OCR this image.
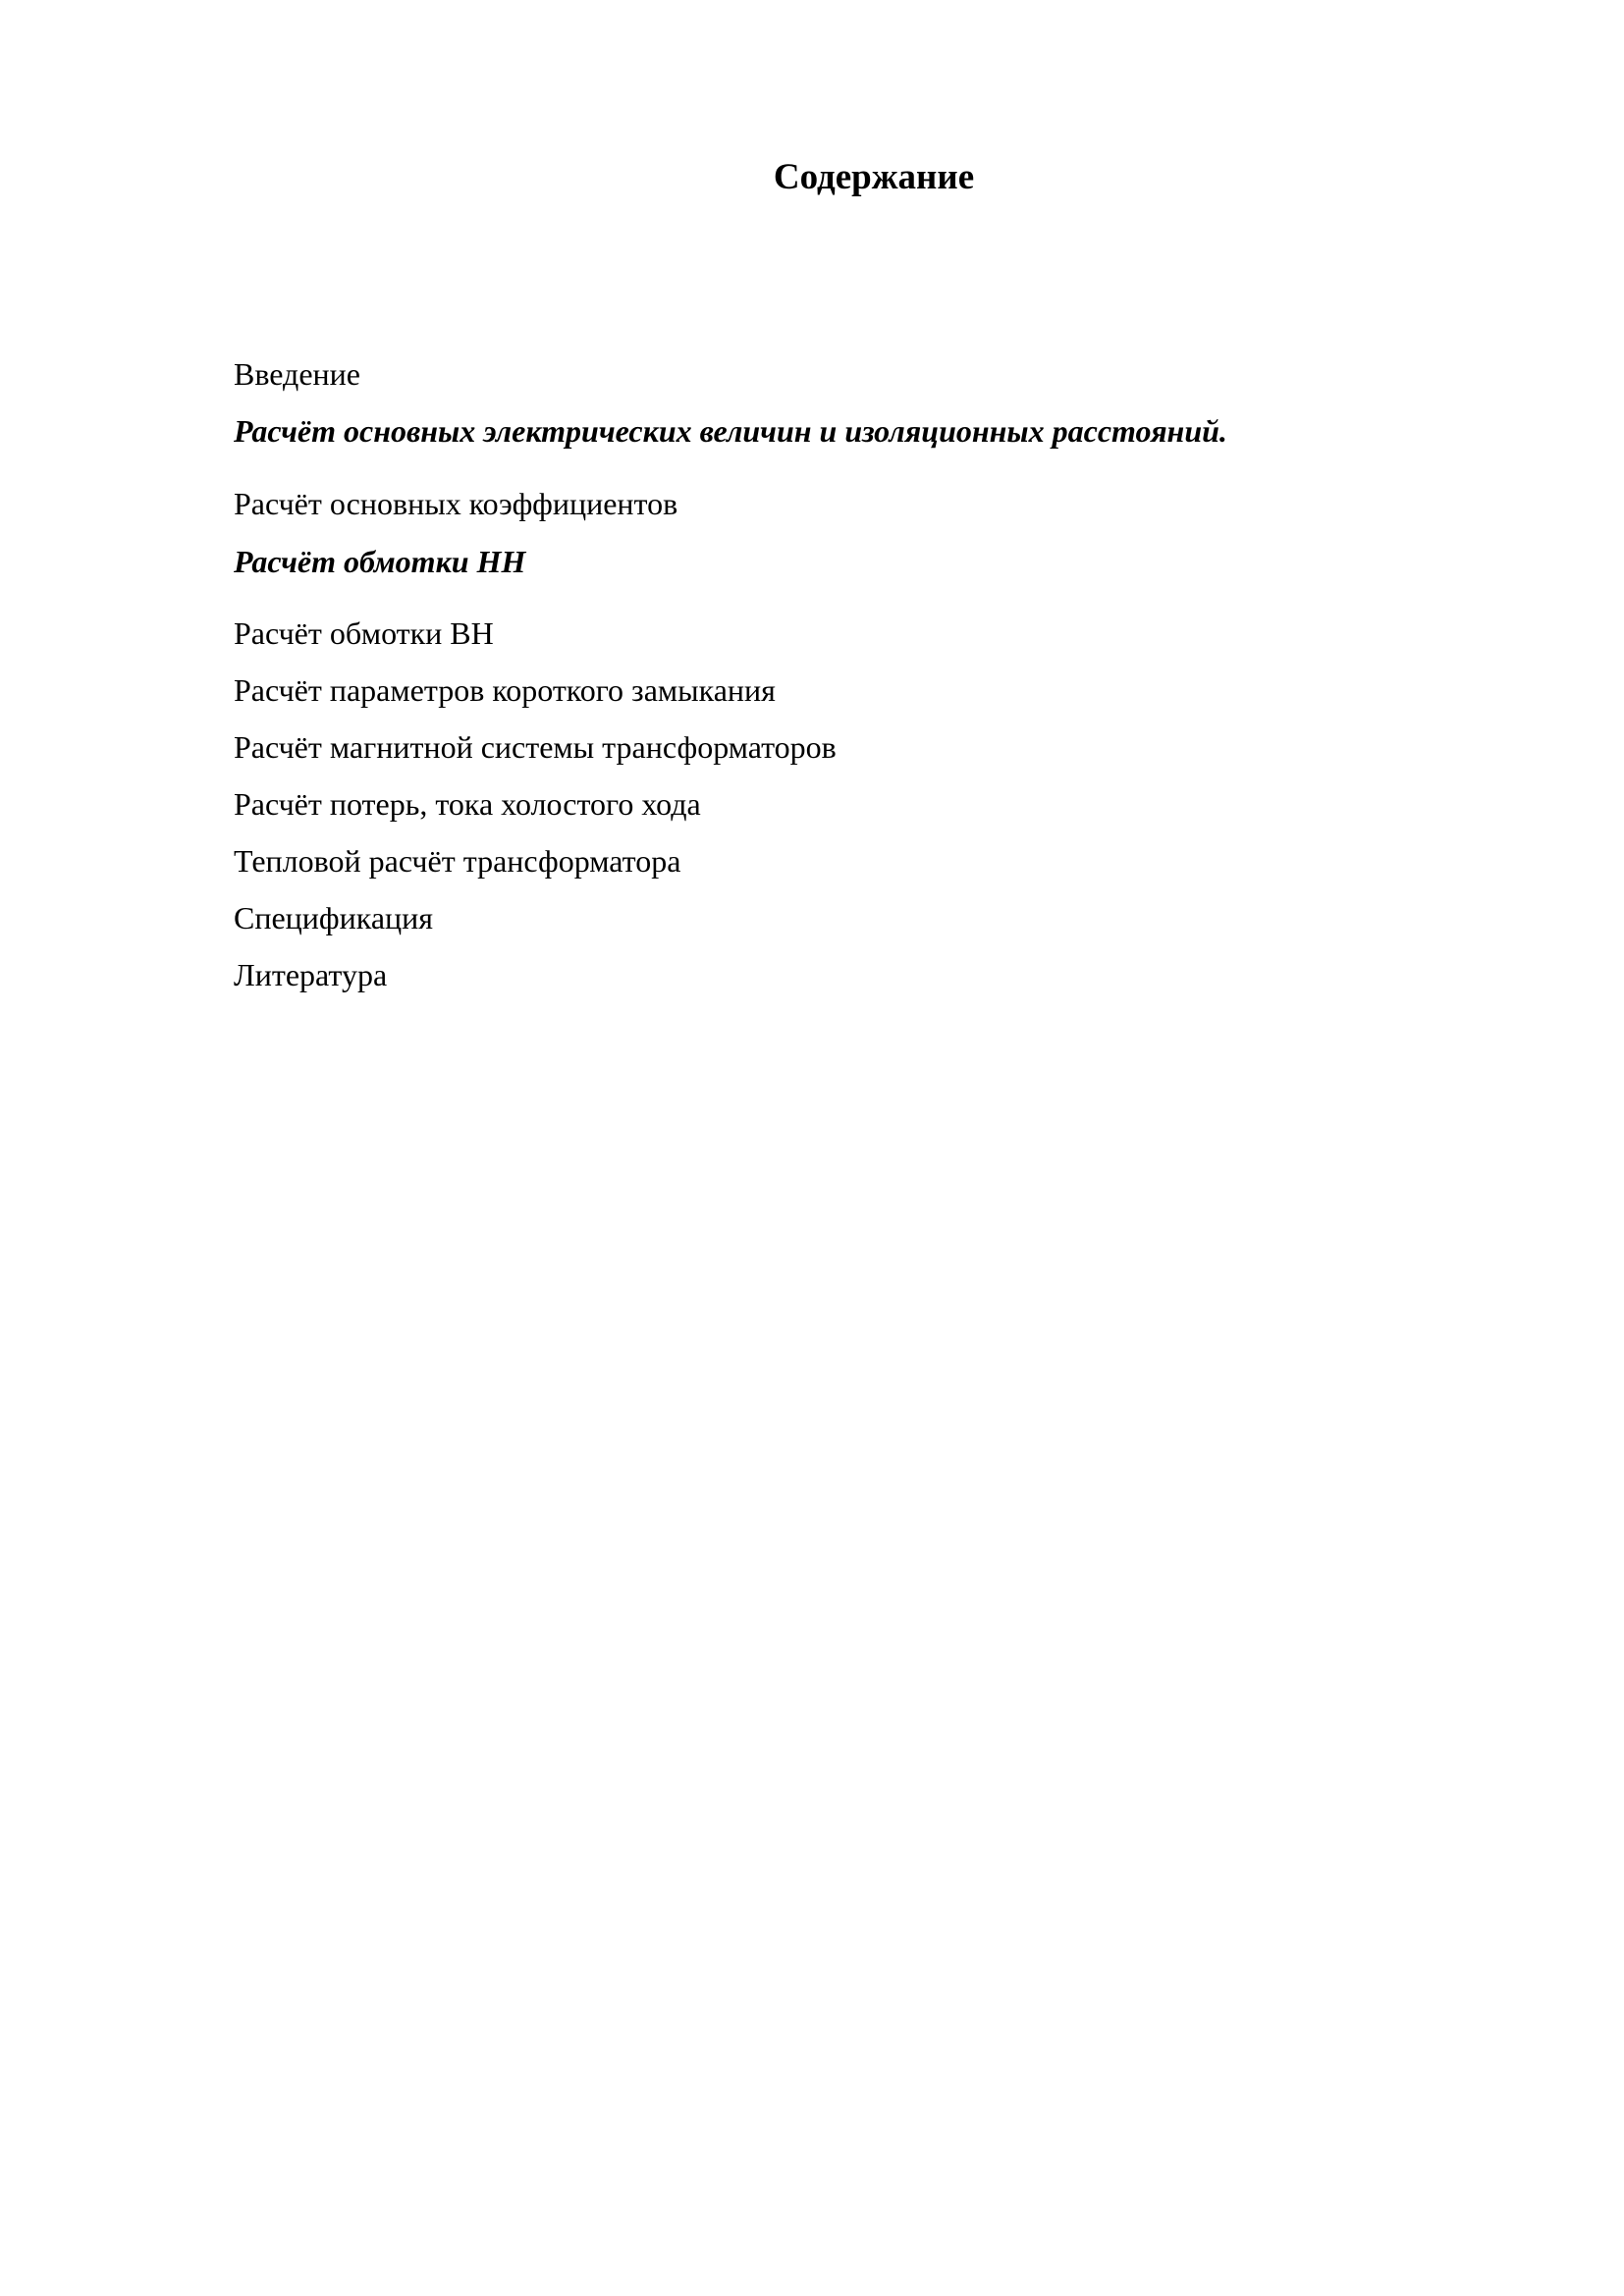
Содержание
Введение
Расчёт основных электрических величин и изоляционных расстояний.
Расчёт основных коэффициентов
Расчёт обмотки НН
Расчёт обмотки ВН
Расчёт параметров короткого замыкания
Расчёт магнитной системы трансформаторов
Расчёт потерь, тока холостого хода
Тепловой расчёт трансформатора
Спецификация
Литература
